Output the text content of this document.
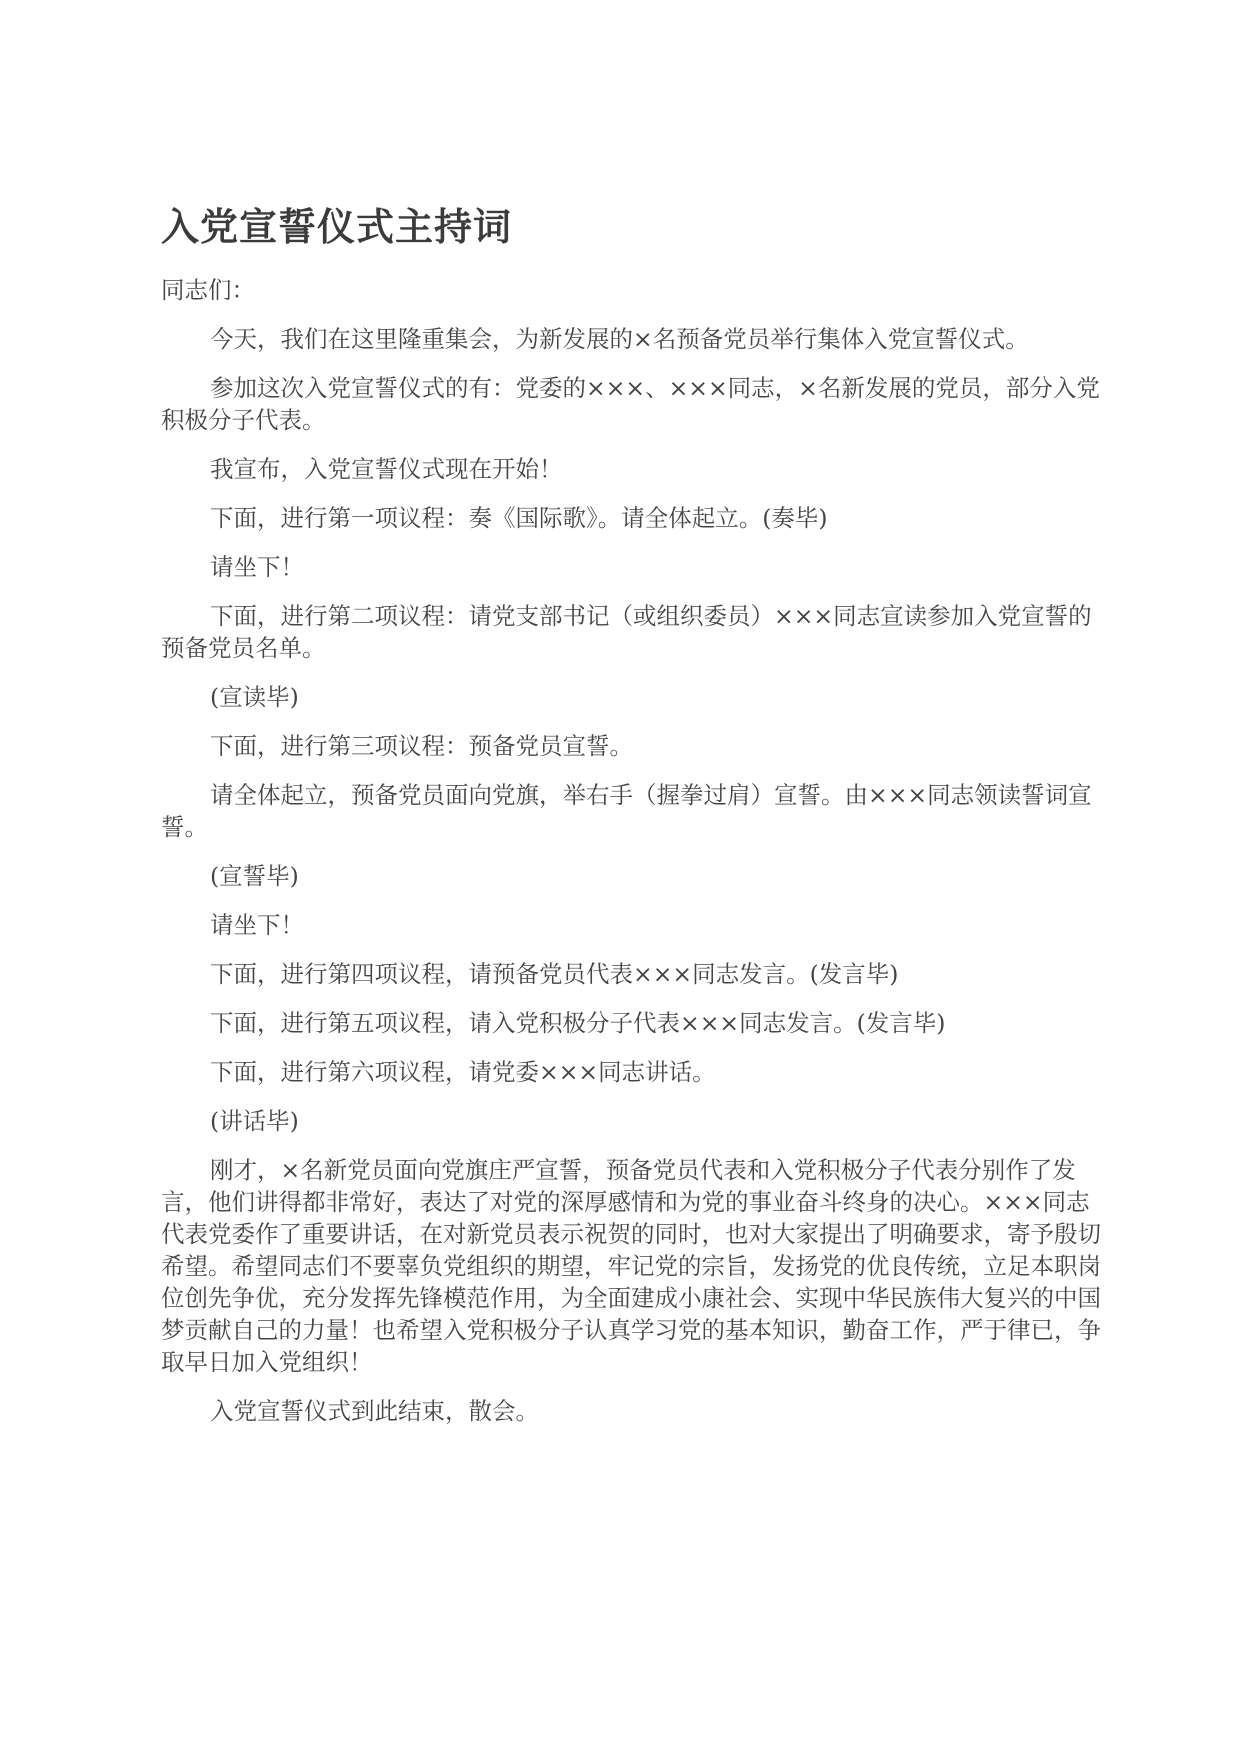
入党宣誓仪式主持词

同志们：

今天，我们在这里隆重集会，为新发展的×名预备党员举行集体入党宣誓仪式。

参加这次入党宣誓仪式的有：党委的×××、×××同志，×名新发展的党员，部分入党积极分子代表。

我宣布，入党宣誓仪式现在开始！

下面，进行第一项议程：奏《国际歌》。请全体起立。(奏毕)

请坐下！

下面，进行第二项议程：请党支部书记（或组织委员）×××同志宣读参加入党宣誓的预备党员名单。

(宣读毕)

下面，进行第三项议程：预备党员宣誓。

请全体起立，预备党员面向党旗，举右手（握拳过肩）宣誓。由×××同志领读誓词宣誓。

(宣誓毕)

请坐下！

下面，进行第四项议程，请预备党员代表×××同志发言。(发言毕)

下面，进行第五项议程，请入党积极分子代表×××同志发言。(发言毕)

下面，进行第六项议程，请党委×××同志讲话。

(讲话毕)

刚才，×名新党员面向党旗庄严宣誓，预备党员代表和入党积极分子代表分别作了发言，他们讲得都非常好，表达了对党的深厚感情和为党的事业奋斗终身的决心。×××同志代表党委作了重要讲话，在对新党员表示祝贺的同时，也对大家提出了明确要求，寄予殷切希望。希望同志们不要辜负党组织的期望，牢记党的宗旨，发扬党的优良传统，立足本职岗位创先争优，充分发挥先锋模范作用，为全面建成小康社会、实现中华民族伟大复兴的中国梦贡献自己的力量！也希望入党积极分子认真学习党的基本知识，勤奋工作，严于律已，争取早日加入党组织！

入党宣誓仪式到此结束，散会。
